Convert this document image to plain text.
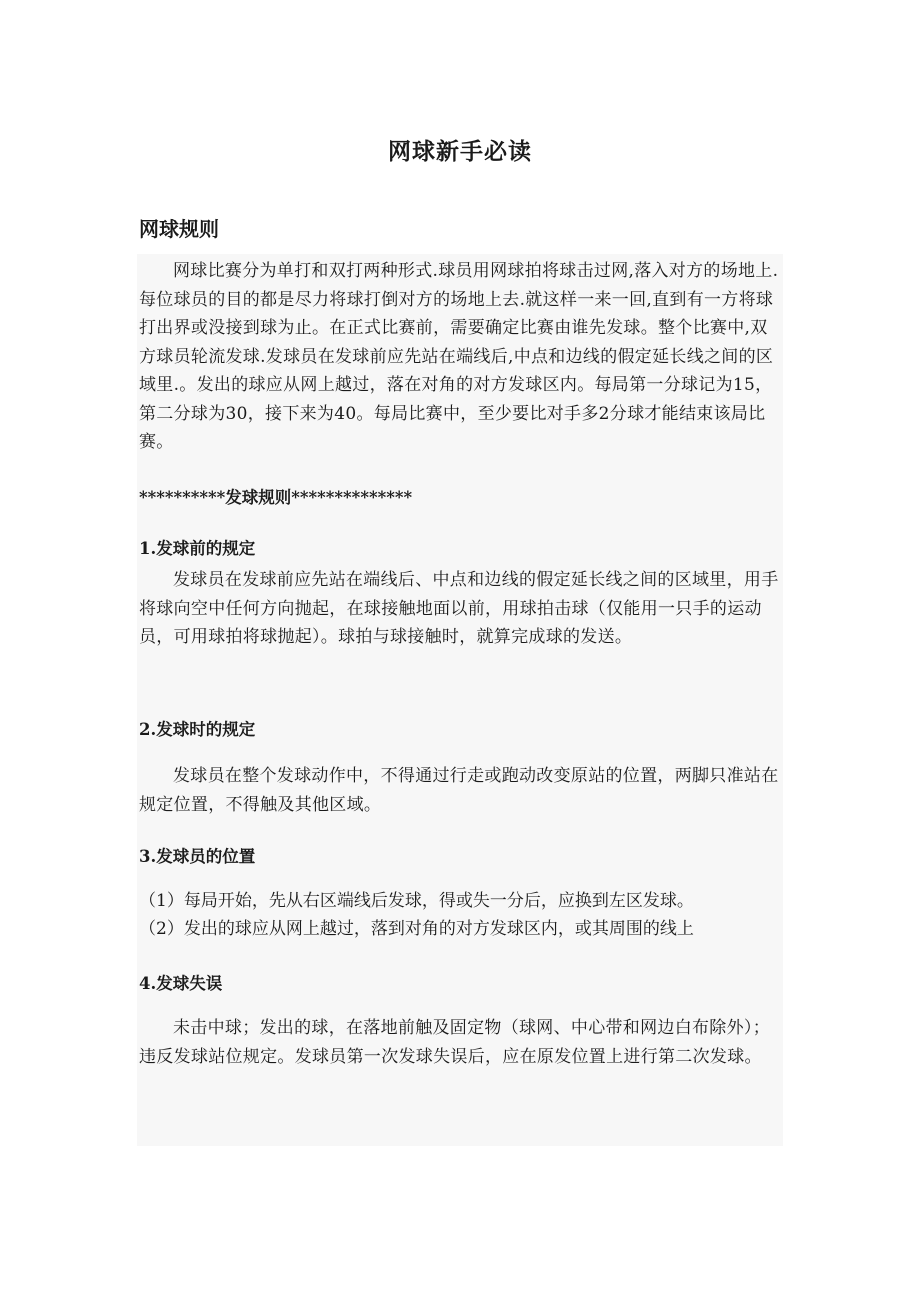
网球新手必读
网球规则

网球比赛分为单打和双打两种形式.球员用网球拍将球击过网,落入对方的场地上.每位球员的目的都是尽力将球打倒对方的场地上去.就这样一来一回,直到有一方将球打出界或没接到球为止。在正式比赛前，需要确定比赛由谁先发球。整个比赛中,双方球员轮流发球.发球员在发球前应先站在端线后,中点和边线的假定延长线之间的区域里.。发出的球应从网上越过，落在对角的对方发球区内。每局第一分球记为15，第二分球为30，接下来为40。每局比赛中，至少要比对手多2分球才能结束该局比赛。

**********发球规则**************

1.发球前的规定

发球员在发球前应先站在端线后、中点和边线的假定延长线之间的区域里，用手将球向空中任何方向抛起，在球接触地面以前，用球拍击球（仅能用一只手的运动员，可用球拍将球抛起）。球拍与球接触时，就算完成球的发送。

2.发球时的规定

发球员在整个发球动作中，不得通过行走或跑动改变原站的位置，两脚只准站在规定位置，不得触及其他区域。

3.发球员的位置

（1）每局开始，先从右区端线后发球，得或失一分后，应换到左区发球。

（2）发出的球应从网上越过，落到对角的对方发球区内，或其周围的线上

4.发球失误

未击中球；发出的球，在落地前触及固定物（球网、中心带和网边白布除外）；违反发球站位规定。发球员第一次发球失误后，应在原发位置上进行第二次发球。
